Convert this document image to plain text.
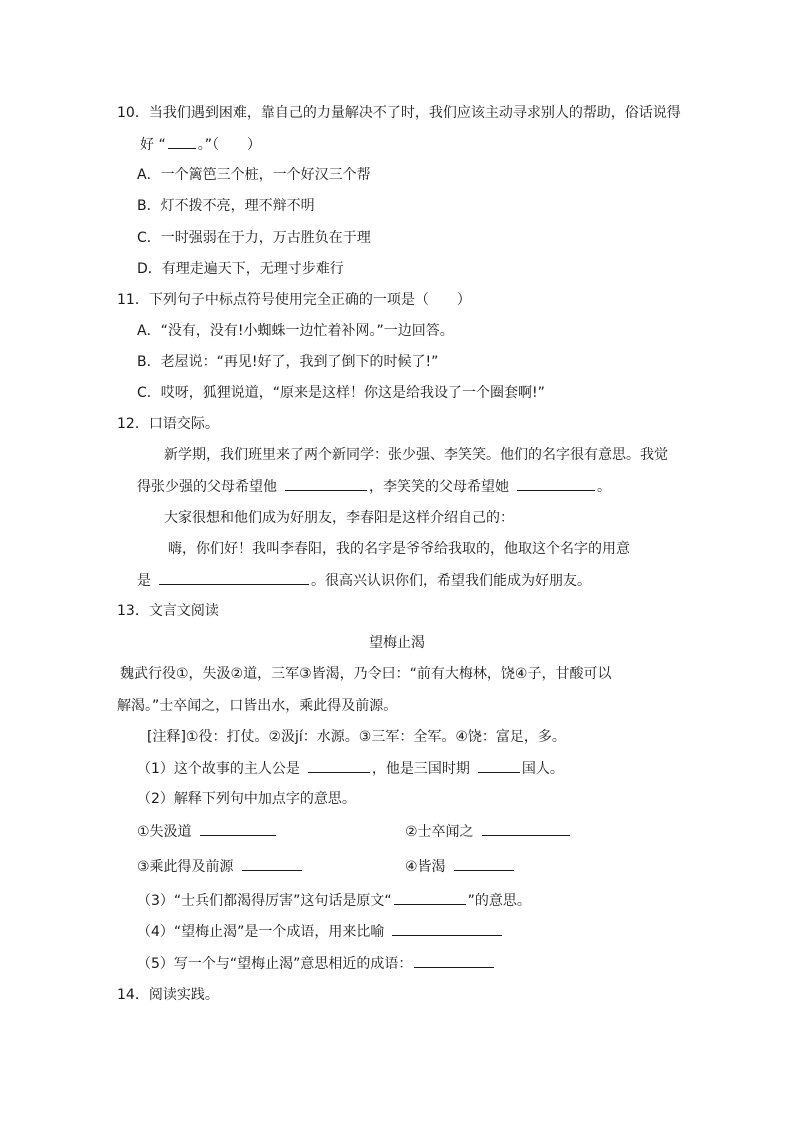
10．当我们遇到困难，靠自己的力量解决不了时，我们应该主动寻求别人的帮助，俗话说得
好 “ 。”（　　）
A．一个篱笆三个桩，一个好汉三个帮
B．灯不拨不亮，理不辩不明
C．一时强弱在于力，万古胜负在于理
D．有理走遍天下，无理寸步难行
11．下列句子中标点符号使用完全正确的一项是（　　）
A．“没有，没有!小蜘蛛一边忙着补网。”一边回答。
B．老屋说：“再见!好了，我到了倒下的时候了!”
C．哎呀，狐狸说道，“原来是这样！你这是给我设了一个圈套啊!”
12．口语交际。
新学期，我们班里来了两个新同学：张少强、李笑笑。他们的名字很有意思。我觉
得张少强的父母希望他	，李笑笑的父母希望她	。
大家很想和他们成为好朋友，李春阳是这样介绍自己的：
嗨，你们好！我叫李春阳，我的名字是爷爷给我取的，他取这个名字的用意
是	。很高兴认识你们，希望我们能成为好朋友。
13．文言文阅读
望梅止渴
魏武行役①，失汲②道，三军③皆渴，乃令曰：“前有大梅林，饶④子，甘酸可以
解渴。”士卒闻之，口皆出水，乘此得及前源。
[注释]①役：打仗。②汲jí：水源。③三军：全军。④饶：富足，多。
（1）这个故事的主人公是	，他是三国时期	国人。
（2）解释下列句中加点字的意思。
①失汲道	②士卒闻之
③乘此得及前源	④皆渴
（3）“士兵们都渴得厉害”这句话是原文“	”的意思。
（4）“望梅止渴”是一个成语，用来比喻
（5）写一个与“望梅止渴”意思相近的成语：
14．阅读实践。
